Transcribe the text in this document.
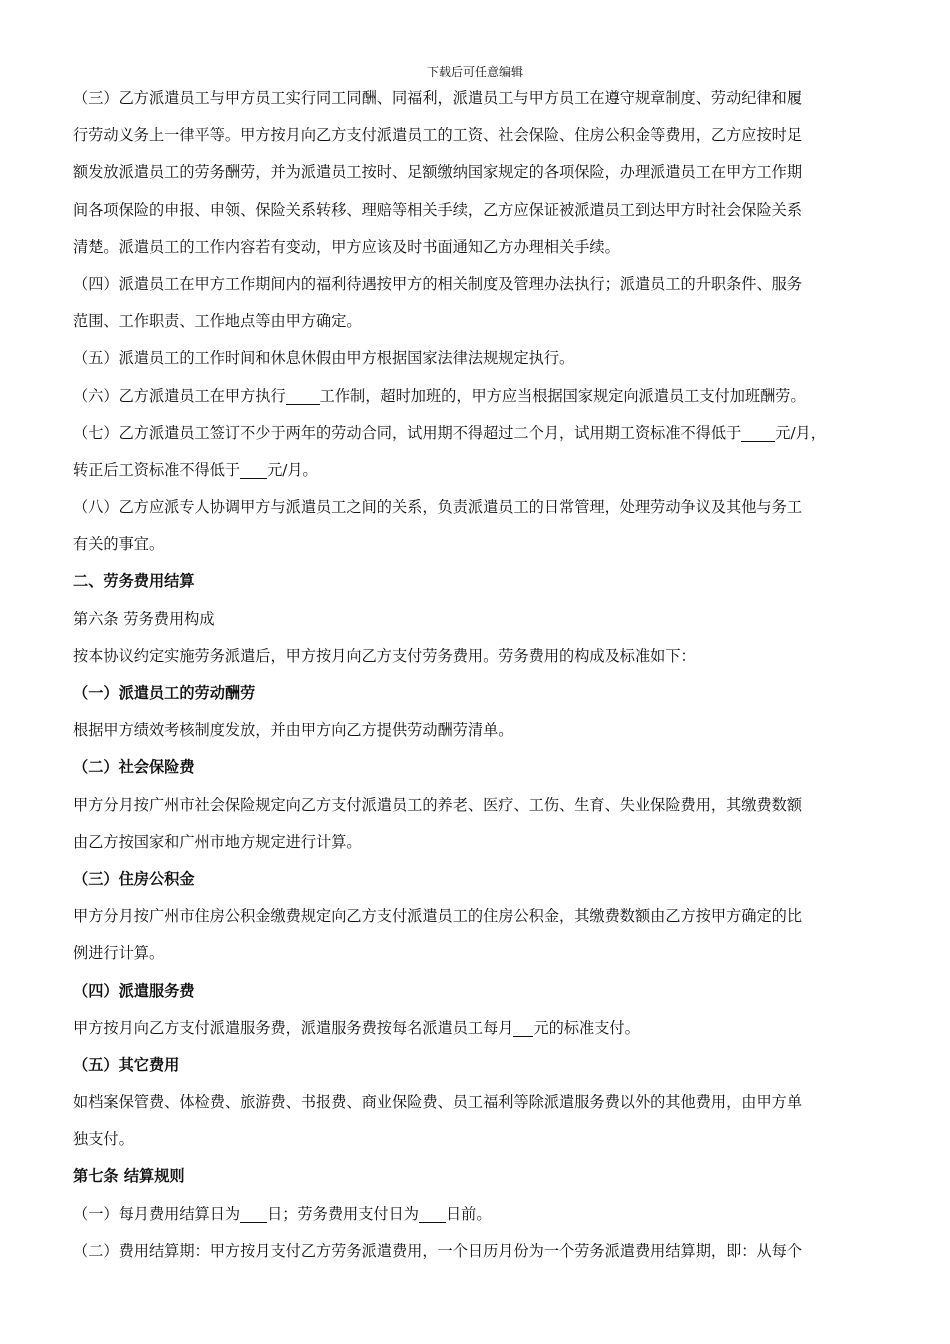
下载后可任意编辑
（三）乙方派遣员工与甲方员工实行同工同酬、同福利，派遣员工与甲方员工在遵守规章制度、劳动纪律和履
行劳动义务上一律平等。甲方按月向乙方支付派遣员工的工资、社会保险、住房公积金等费用，乙方应按时足
额发放派遣员工的劳务酬劳，并为派遣员工按时、足额缴纳国家规定的各项保险，办理派遣员工在甲方工作期
间各项保险的申报、申领、保险关系转移、理赔等相关手续，乙方应保证被派遣员工到达甲方时社会保险关系
清楚。派遣员工的工作内容若有变动，甲方应该及时书面通知乙方办理相关手续。
（四）派遣员工在甲方工作期间内的福利待遇按甲方的相关制度及管理办法执行；派遣员工的升职条件、服务
范围、工作职责、工作地点等由甲方确定。
（五）派遣员工的工作时间和休息休假由甲方根据国家法律法规规定执行。
（六）乙方派遣员工在甲方执行 工作制，超时加班的，甲方应当根据国家规定向派遣员工支付加班酬劳。
（七）乙方派遣员工签订不少于两年的劳动合同，试用期不得超过二个月，试用期工资标准不得低于 元/月，
转正后工资标准不得低于 元/月。
（八）乙方应派专人协调甲方与派遣员工之间的关系，负责派遣员工的日常管理，处理劳动争议及其他与务工
有关的事宜。
二、劳务费用结算
第六条 劳务费用构成
按本协议约定实施劳务派遣后，甲方按月向乙方支付劳务费用。劳务费用的构成及标准如下：
（一）派遣员工的劳动酬劳
根据甲方绩效考核制度发放，并由甲方向乙方提供劳动酬劳清单。
（二）社会保险费
甲方分月按广州市社会保险规定向乙方支付派遣员工的养老、医疗、工伤、生育、失业保险费用，其缴费数额
由乙方按国家和广州市地方规定进行计算。
（三）住房公积金
甲方分月按广州市住房公积金缴费规定向乙方支付派遣员工的住房公积金，其缴费数额由乙方按甲方确定的比
例进行计算。
（四）派遣服务费
甲方按月向乙方支付派遣服务费，派遣服务费按每名派遣员工每月 元的标准支付。
（五）其它费用
如档案保管费、体检费、旅游费、书报费、商业保险费、员工福利等除派遣服务费以外的其他费用，由甲方单
独支付。
第七条 结算规则
（一）每月费用结算日为 日；劳务费用支付日为 日前。
（二）费用结算期：甲方按月支付乙方劳务派遣费用，一个日历月份为一个劳务派遣费用结算期，即：从每个
